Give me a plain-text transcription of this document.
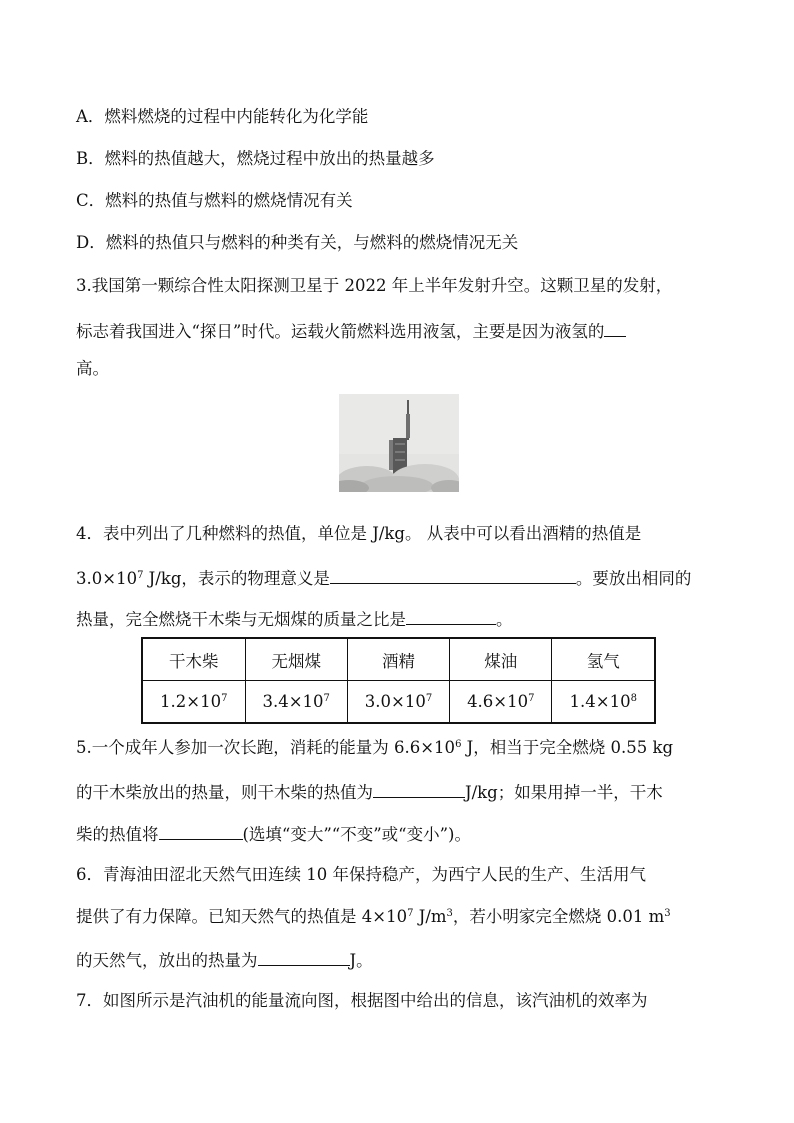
A．燃料燃烧的过程中内能转化为化学能
B．燃料的热值越大，燃烧过程中放出的热量越多
C．燃料的热值与燃料的燃烧情况有关
D．燃料的热值只与燃料的种类有关，与燃料的燃烧情况无关
3.我国第一颗综合性太阳探测卫星于 2022 年上半年发射升空。这颗卫星的发射，
标志着我国进入“探日”时代。运载火箭燃料选用液氢，主要是因为液氢的
高。
4．表中列出了几种燃料的热值，单位是 J/kg。 从表中可以看出酒精的热值是
$3.0\times 10^7$ J/kg，表示的物理意义是	。要放出相同的
热量，完全燃烧干木柴与无烟煤的质量之比是	。
干木柴	无烟煤	酒精	煤油	氢气
$1.2\times 10^7$	$3.4\times 10^7$	$3.0\times 10^7$	$4.6\times 10^7$	$1.4\times 10^8$
5.一个成年人参加一次长跑，消耗的能量为 $6.6\times 10^6$ J，相当于完全燃烧 0.55 kg
的干木柴放出的热量，则干木柴的热值为	J/kg；如果用掉一半，干木
柴的热值将	(选填“变大”“不变”或“变小”)。
6．青海油田涩北天然气田连续 10 年保持稳产，为西宁人民的生产、生活用气
提供了有力保障。已知天然气的热值是 $4\times 10^7$ $J/m^3$，若小明家完全燃烧 0.01 $m^3$
的天然气，放出的热量为	J。
7．如图所示是汽油机的能量流向图，根据图中给出的信息，该汽油机的效率为
